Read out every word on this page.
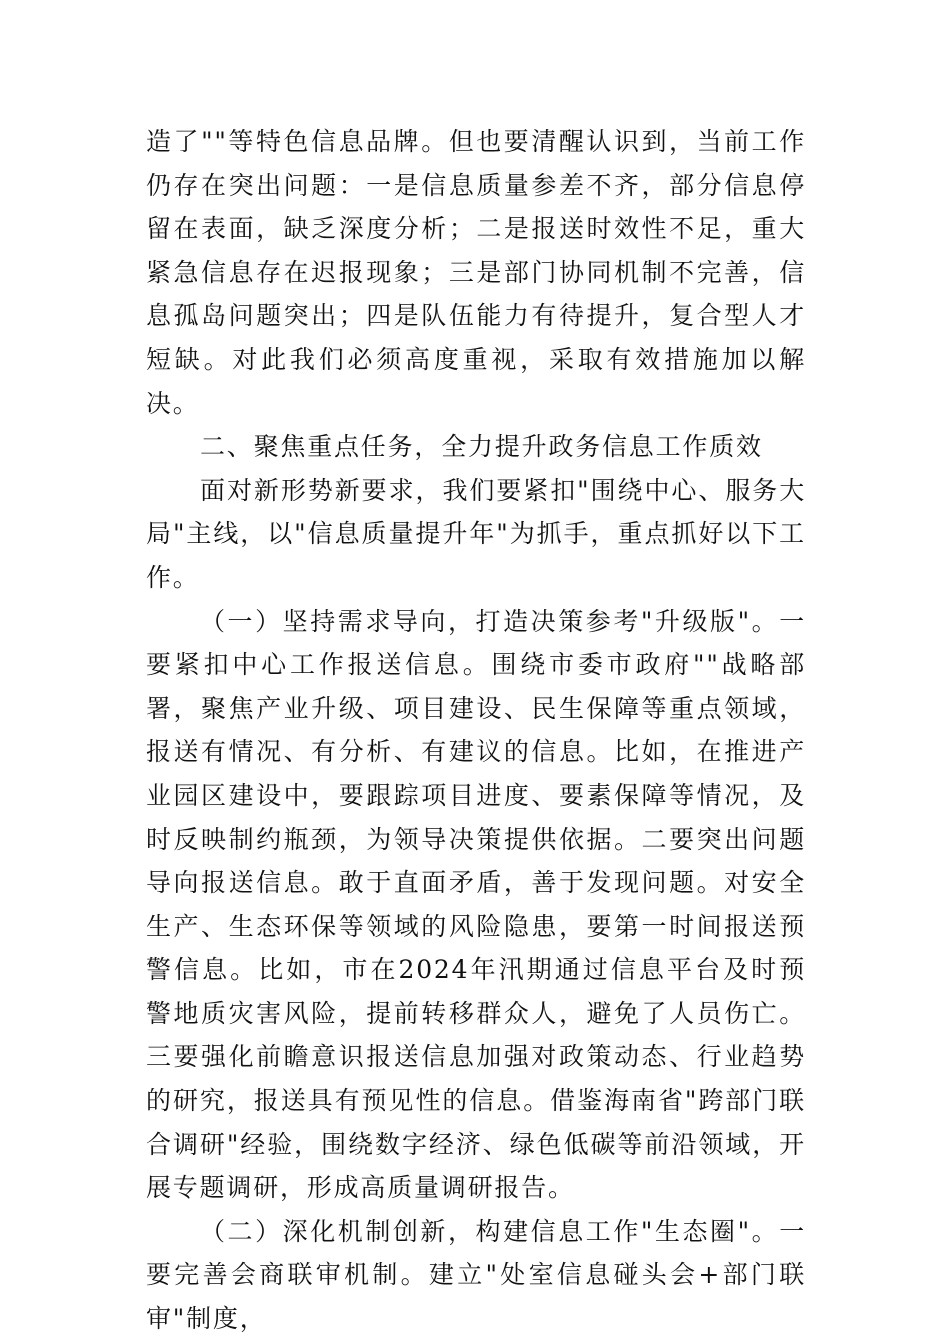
造了""等特色信息品牌。但也要清醒认识到，当前工作仍存在突出问题：一是信息质量参差不齐，部分信息停留在表面，缺乏深度分析；二是报送时效性不足，重大紧急信息存在迟报现象；三是部门协同机制不完善，信息孤岛问题突出；四是队伍能力有待提升，复合型人才短缺。对此我们必须高度重视，采取有效措施加以解决。

二、聚焦重点任务，全力提升政务信息工作质效

面对新形势新要求，我们要紧扣"围绕中心、服务大局"主线，以"信息质量提升年"为抓手，重点抓好以下工作。

（一）坚持需求导向，打造决策参考"升级版"。一要紧扣中心工作报送信息。围绕市委市政府""战略部署，聚焦产业升级、项目建设、民生保障等重点领域，报送有情况、有分析、有建议的信息。比如，在推进产业园区建设中，要跟踪项目进度、要素保障等情况，及时反映制约瓶颈，为领导决策提供依据。二要突出问题导向报送信息。敢于直面矛盾，善于发现问题。对安全生产、生态环保等领域的风险隐患，要第一时间报送预警信息。比如，市在2024年汛期通过信息平台及时预警地质灾害风险，提前转移群众人，避免了人员伤亡。三要强化前瞻意识报送信息加强对政策动态、行业趋势的研究，报送具有预见性的信息。借鉴海南省"跨部门联合调研"经验，围绕数字经济、绿色低碳等前沿领域，开展专题调研，形成高质量调研报告。

（二）深化机制创新，构建信息工作"生态圈"。一要完善会商联审机制。建立"处室信息碰头会+部门联审"制度，
